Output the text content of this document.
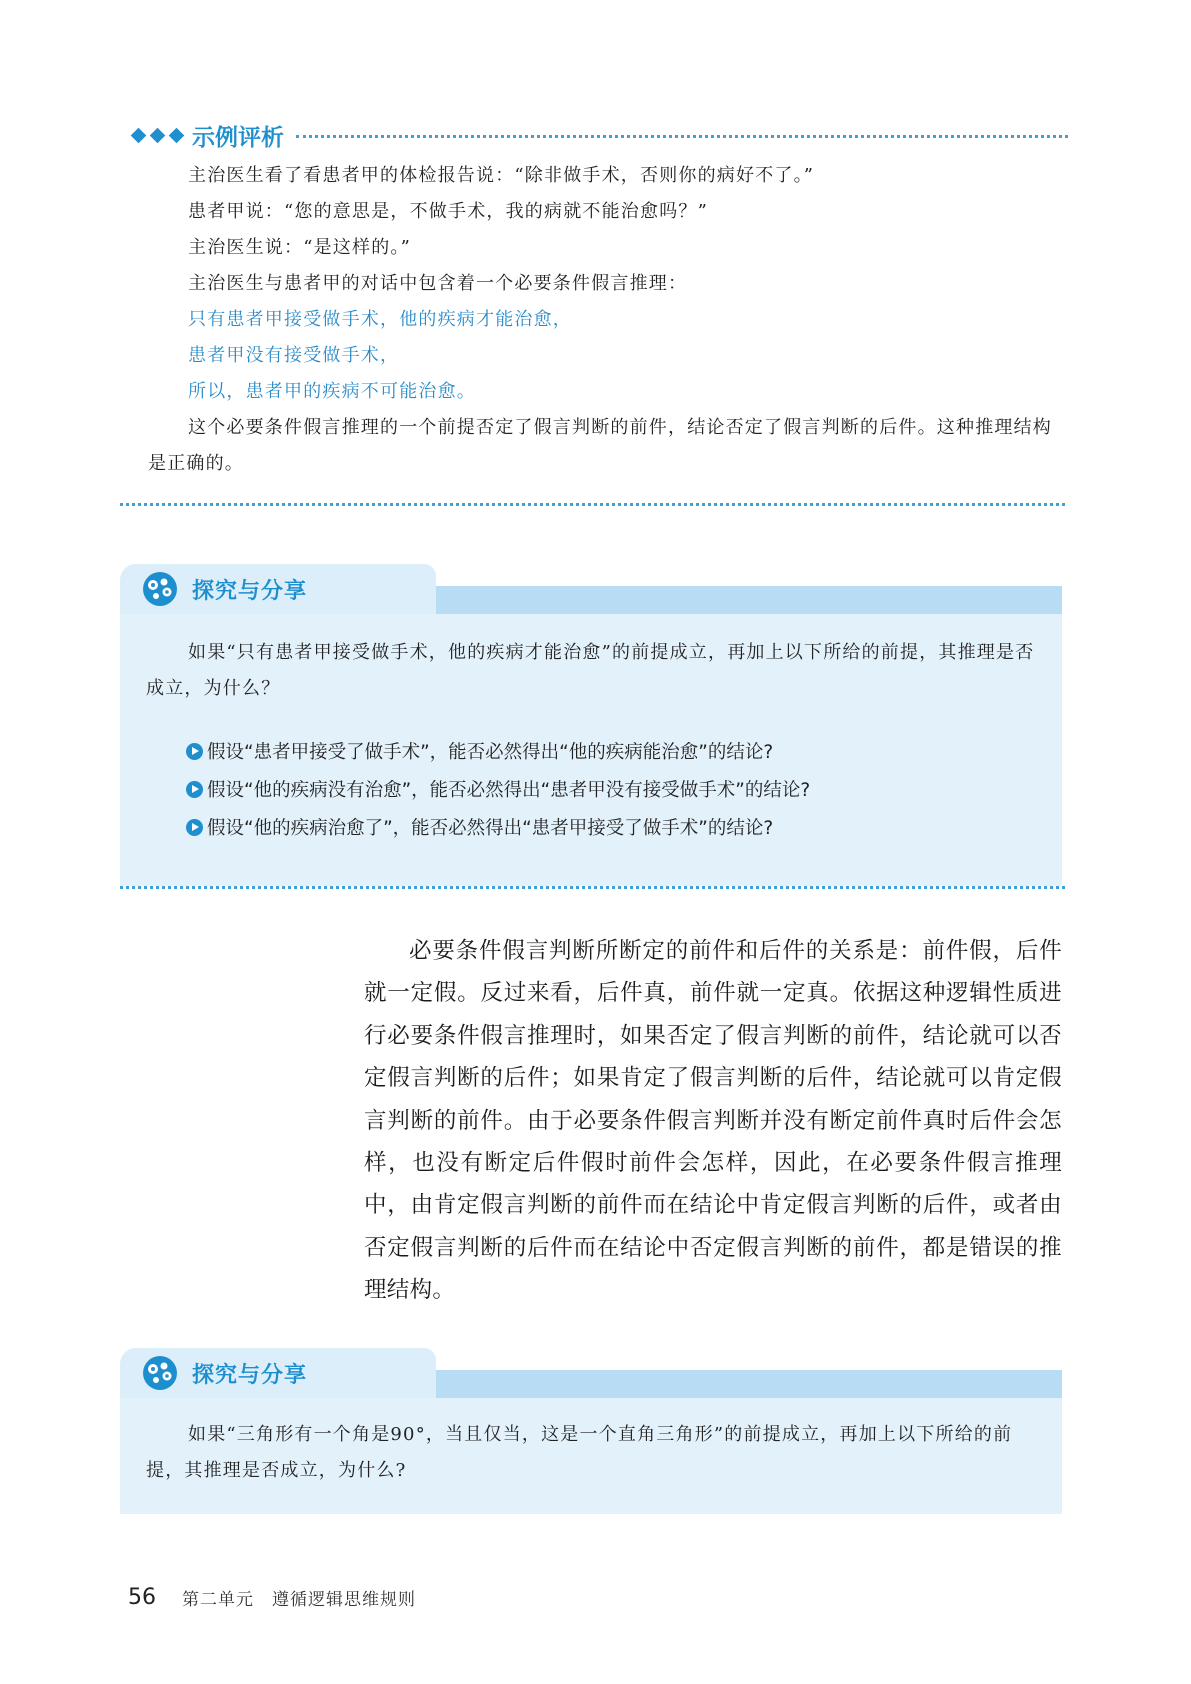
示例评析

主治医生看了看患者甲的体检报告说：“除非做手术，否则你的病好不了。”

患者甲说：“您的意思是，不做手术，我的病就不能治愈吗？”

主治医生说：“是这样的。”

主治医生与患者甲的对话中包含着一个必要条件假言推理：

只有患者甲接受做手术，他的疾病才能治愈，

患者甲没有接受做手术，

所以，患者甲的疾病不可能治愈。

这个必要条件假言推理的一个前提否定了假言判断的前件，结论否定了假言判断的后件。这种推理结构是正确的。

探究与分享

如果“只有患者甲接受做手术，他的疾病才能治愈”的前提成立，再加上以下所给的前提，其推理是否成立，为什么？

假设“患者甲接受了做手术”，能否必然得出“他的疾病能治愈”的结论?
假设“他的疾病没有治愈”，能否必然得出“患者甲没有接受做手术”的结论?
假设“他的疾病治愈了”，能否必然得出“患者甲接受了做手术”的结论?

必要条件假言判断所断定的前件和后件的关系是：前件假，后件就一定假。反过来看，后件真，前件就一定真。依据这种逻辑性质进行必要条件假言推理时，如果否定了假言判断的前件，结论就可以否定假言判断的后件；如果肯定了假言判断的后件，结论就可以肯定假言判断的前件。由于必要条件假言判断并没有断定前件真时后件会怎样，也没有断定后件假时前件会怎样，因此，在必要条件假言推理中，由肯定假言判断的前件而在结论中肯定假言判断的后件，或者由否定假言判断的后件而在结论中否定假言判断的前件，都是错误的推理结构。

探究与分享

如果“三角形有一个角是90°，当且仅当，这是一个直角三角形”的前提成立，再加上以下所给的前提，其推理是否成立，为什么?

56 第二单元　遵循逻辑思维规则
